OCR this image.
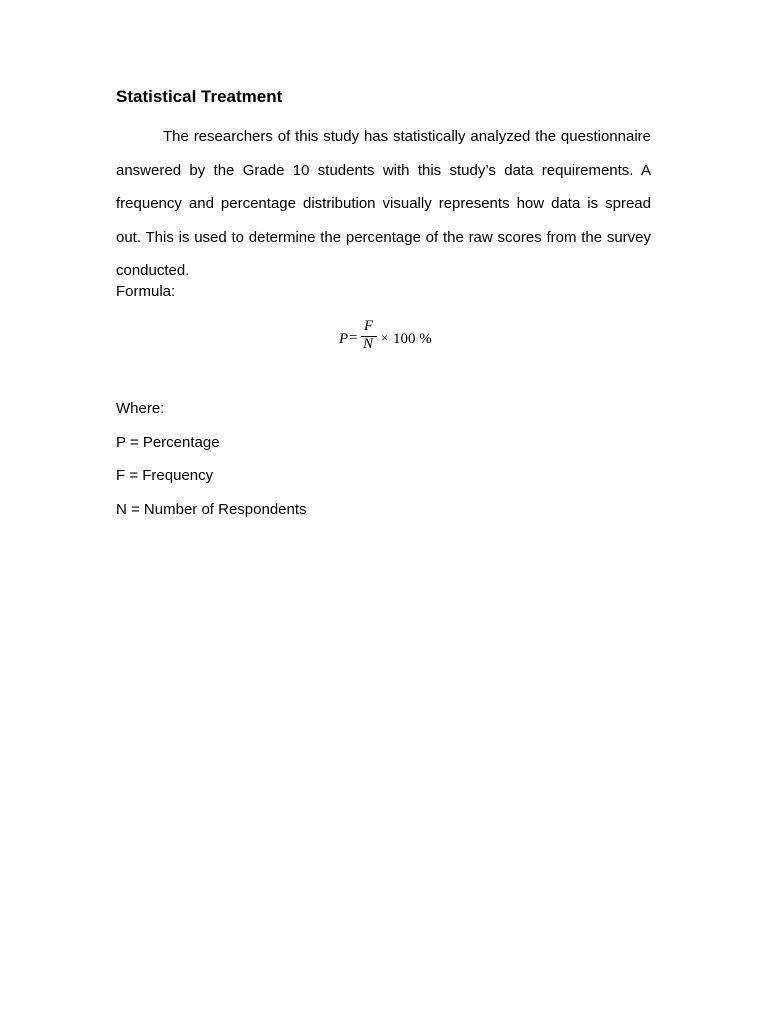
Statistical Treatment

The researchers of this study has statistically analyzed the questionnaire answered by the Grade 10 students with this study’s data requirements. A frequency and percentage distribution visually represents how data is spread out. This is used to determine the percentage of the raw scores from the survey conducted.

Formula:

P =
F
N × 100 %

Where:

P = Percentage

F = Frequency

N = Number of Respondents
